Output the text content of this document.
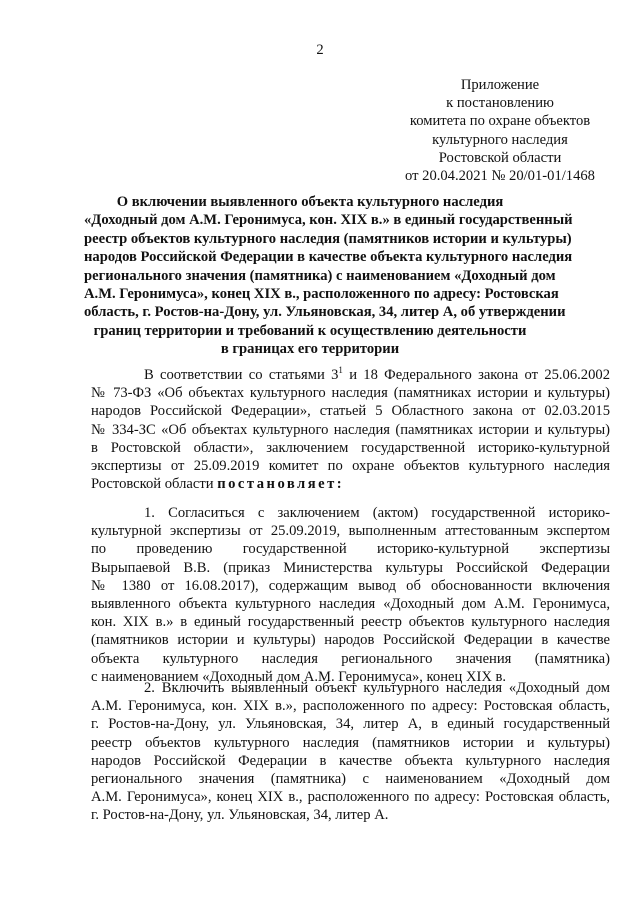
2
Приложение
к постановлению
комитета по охране объектов
культурного наследия
Ростовской области
от 20.04.2021 № 20/01-01/1468
О включении выявленного объекта культурного наследия
«Доходный дом А.М. Геронимуса, кон. XIX в.» в единый государственный
реестр объектов культурного наследия (памятников истории и культуры)
народов Российской Федерации в качестве объекта культурного наследия
регионального значения (памятника) с наименованием «Доходный дом
А.М. Геронимуса», конец XIX в., расположенного по адресу: Ростовская
область, г. Ростов-на-Дону, ул. Ульяновская, 34, литер А, об утверждении
границ территории и требований к осуществлению деятельности
в границах его территории
В соответствии со статьями $3^1$ и 18 Федерального закона от 25.06.2002
№ 73-ФЗ «Об объектах культурного наследия (памятниках истории и культуры)
народов Российской Федерации», статьей 5 Областного закона от 02.03.2015
№ 334-ЗС «Об объектах культурного наследия (памятниках истории и культуры)
в Ростовской области», заключением государственной историко-культурной
экспертизы от 25.09.2019 комитет по охране объектов культурного наследия
Ростовской области постановляет:
1. Согласиться с заключением (актом) государственной историко-
культурной экспертизы от 25.09.2019, выполненным аттестованным экспертом
по проведению государственной историко-культурной экспертизы
Вырыпаевой В.В. (приказ Министерства культуры Российской Федерации
№ 1380 от 16.08.2017), содержащим вывод об обоснованности включения
выявленного объекта культурного наследия «Доходный дом А.М. Геронимуса,
кон. XIX в.» в единый государственный реестр объектов культурного наследия
(памятников истории и культуры) народов Российской Федерации в качестве
объекта культурного наследия регионального значения (памятника)
с наименованием «Доходный дом А.М. Геронимуса», конец XIX в.
2. Включить выявленный объект культурного наследия «Доходный дом
А.М. Геронимуса, кон. XIX в.», расположенного по адресу: Ростовская область,
г. Ростов-на-Дону, ул. Ульяновская, 34, литер А, в единый государственный
реестр объектов культурного наследия (памятников истории и культуры)
народов Российской Федерации в качестве объекта культурного наследия
регионального значения (памятника) с наименованием «Доходный дом
А.М. Геронимуса», конец XIX в., расположенного по адресу: Ростовская область,
г. Ростов-на-Дону, ул. Ульяновская, 34, литер А.
